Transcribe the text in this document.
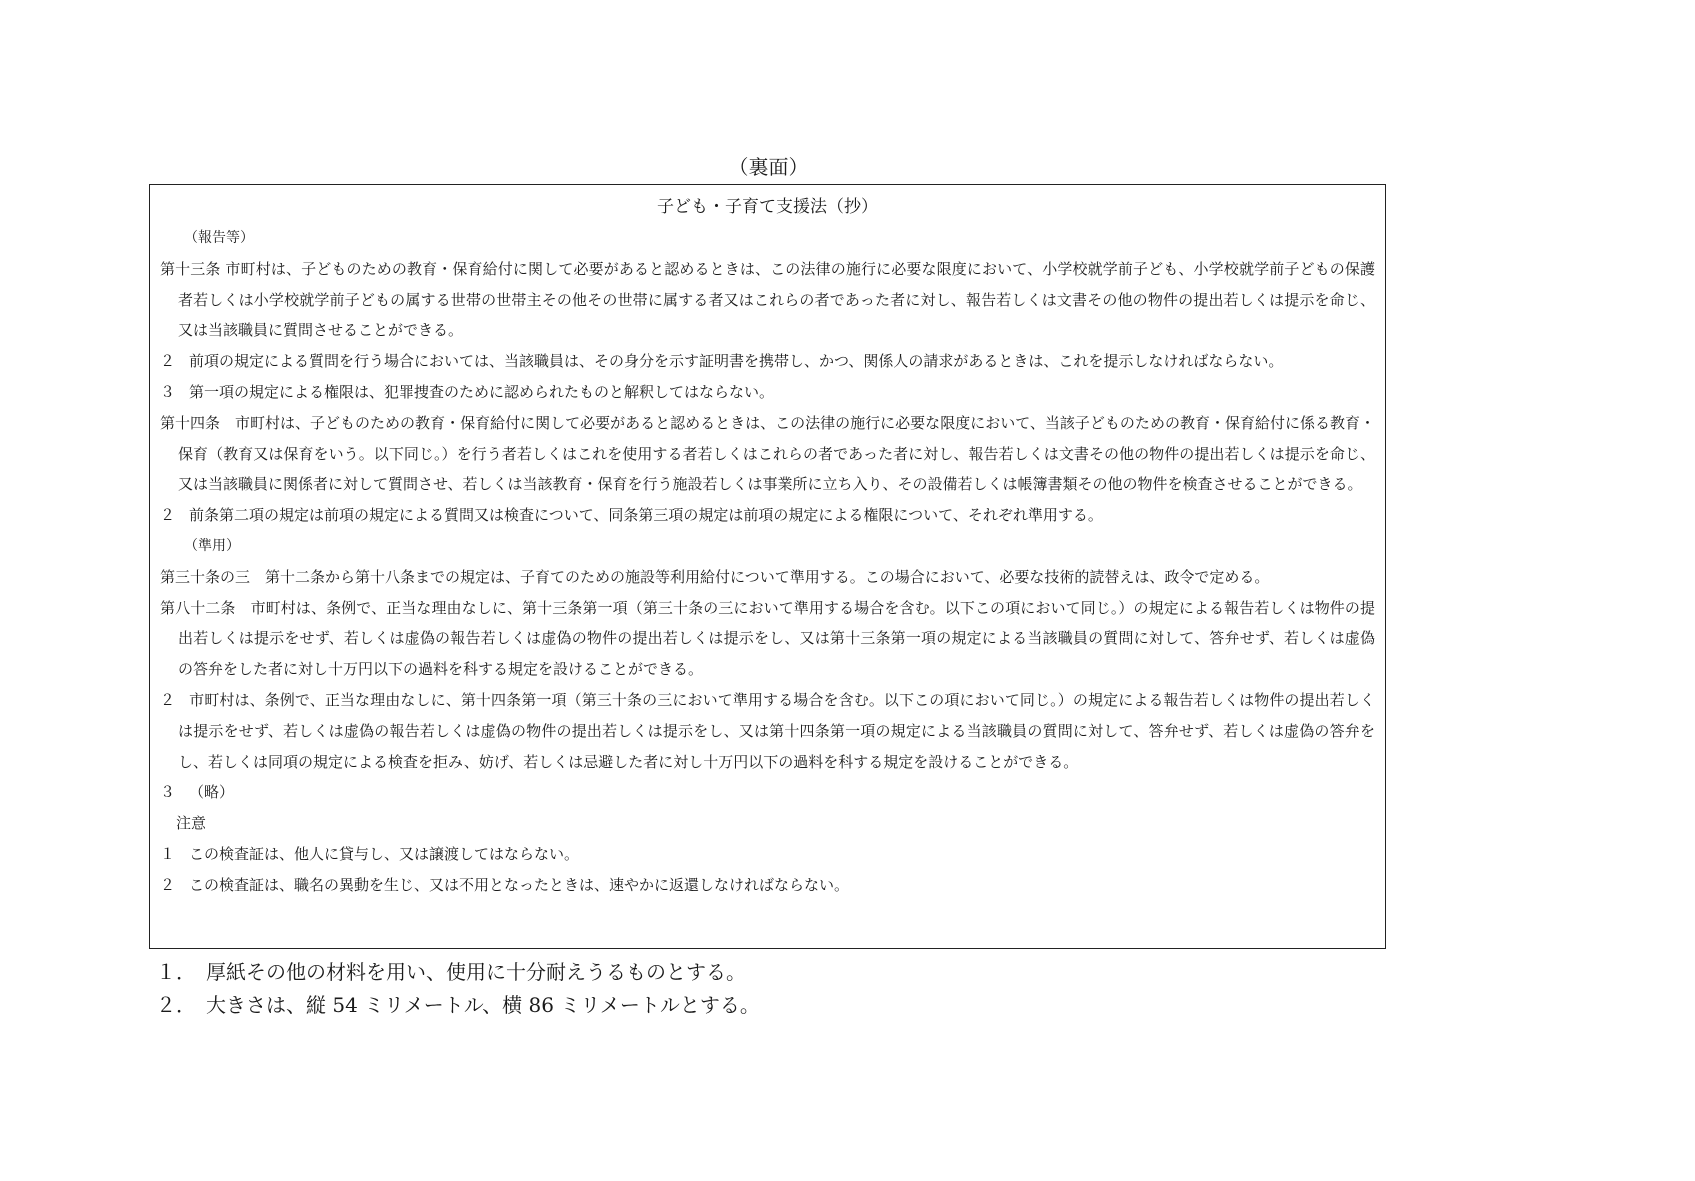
（裏面）
子ども・子育て支援法（抄）
（報告等）
第十三条 市町村は、子どものための教育・保育給付に関して必要があると認めるときは、この法律の施行に必要な限度において、小学校就学前子ども、小学校就学前子どもの保護者若しくは小学校就学前子どもの属する世帯の世帯主その他その世帯に属する者又はこれらの者であった者に対し、報告若しくは文書その他の物件の提出若しくは提示を命じ、又は当該職員に質問させることができる。
２ 前項の規定による質問を行う場合においては、当該職員は、その身分を示す証明書を携帯し、かつ、関係人の請求があるときは、これを提示しなければならない。
３ 第一項の規定による権限は、犯罪捜査のために認められたものと解釈してはならない。
第十四条　市町村は、子どものための教育・保育給付に関して必要があると認めるときは、この法律の施行に必要な限度において、当該子どものための教育・保育給付に係る教育・保育（教育又は保育をいう。以下同じ。）を行う者若しくはこれを使用する者若しくはこれらの者であった者に対し、報告若しくは文書その他の物件の提出若しくは提示を命じ、又は当該職員に関係者に対して質問させ、若しくは当該教育・保育を行う施設若しくは事業所に立ち入り、その設備若しくは帳簿書類その他の物件を検査させることができる。
２ 前条第二項の規定は前項の規定による質問又は検査について、同条第三項の規定は前項の規定による権限について、それぞれ準用する。
（準用）
第三十条の三　第十二条から第十八条までの規定は、子育てのための施設等利用給付について準用する。この場合において、必要な技術的読替えは、政令で定める。
第八十二条　市町村は、条例で、正当な理由なしに、第十三条第一項（第三十条の三において準用する場合を含む。以下この項において同じ。）の規定による報告若しくは物件の提出若しくは提示をせず、若しくは虚偽の報告若しくは虚偽の物件の提出若しくは提示をし、又は第十三条第一項の規定による当該職員の質問に対して、答弁せず、若しくは虚偽の答弁をした者に対し十万円以下の過料を科する規定を設けることができる。
２ 市町村は、条例で、正当な理由なしに、第十四条第一項（第三十条の三において準用する場合を含む。以下この項において同じ。）の規定による報告若しくは物件の提出若しくは提示をせず、若しくは虚偽の報告若しくは虚偽の物件の提出若しくは提示をし、又は第十四条第一項の規定による当該職員の質問に対して、答弁せず、若しくは虚偽の答弁をし、若しくは同項の規定による検査を拒み、妨げ、若しくは忌避した者に対し十万円以下の過料を科する規定を設けることができる。
３ （略）
注意
１ この検査証は、他人に貸与し、又は譲渡してはならない。
２ この検査証は、職名の異動を生じ、又は不用となったときは、速やかに返還しなければならない。
１． 厚紙その他の材料を用い、使用に十分耐えうるものとする。
２． 大きさは、縦 54 ミリメートル、横 86 ミリメートルとする。
